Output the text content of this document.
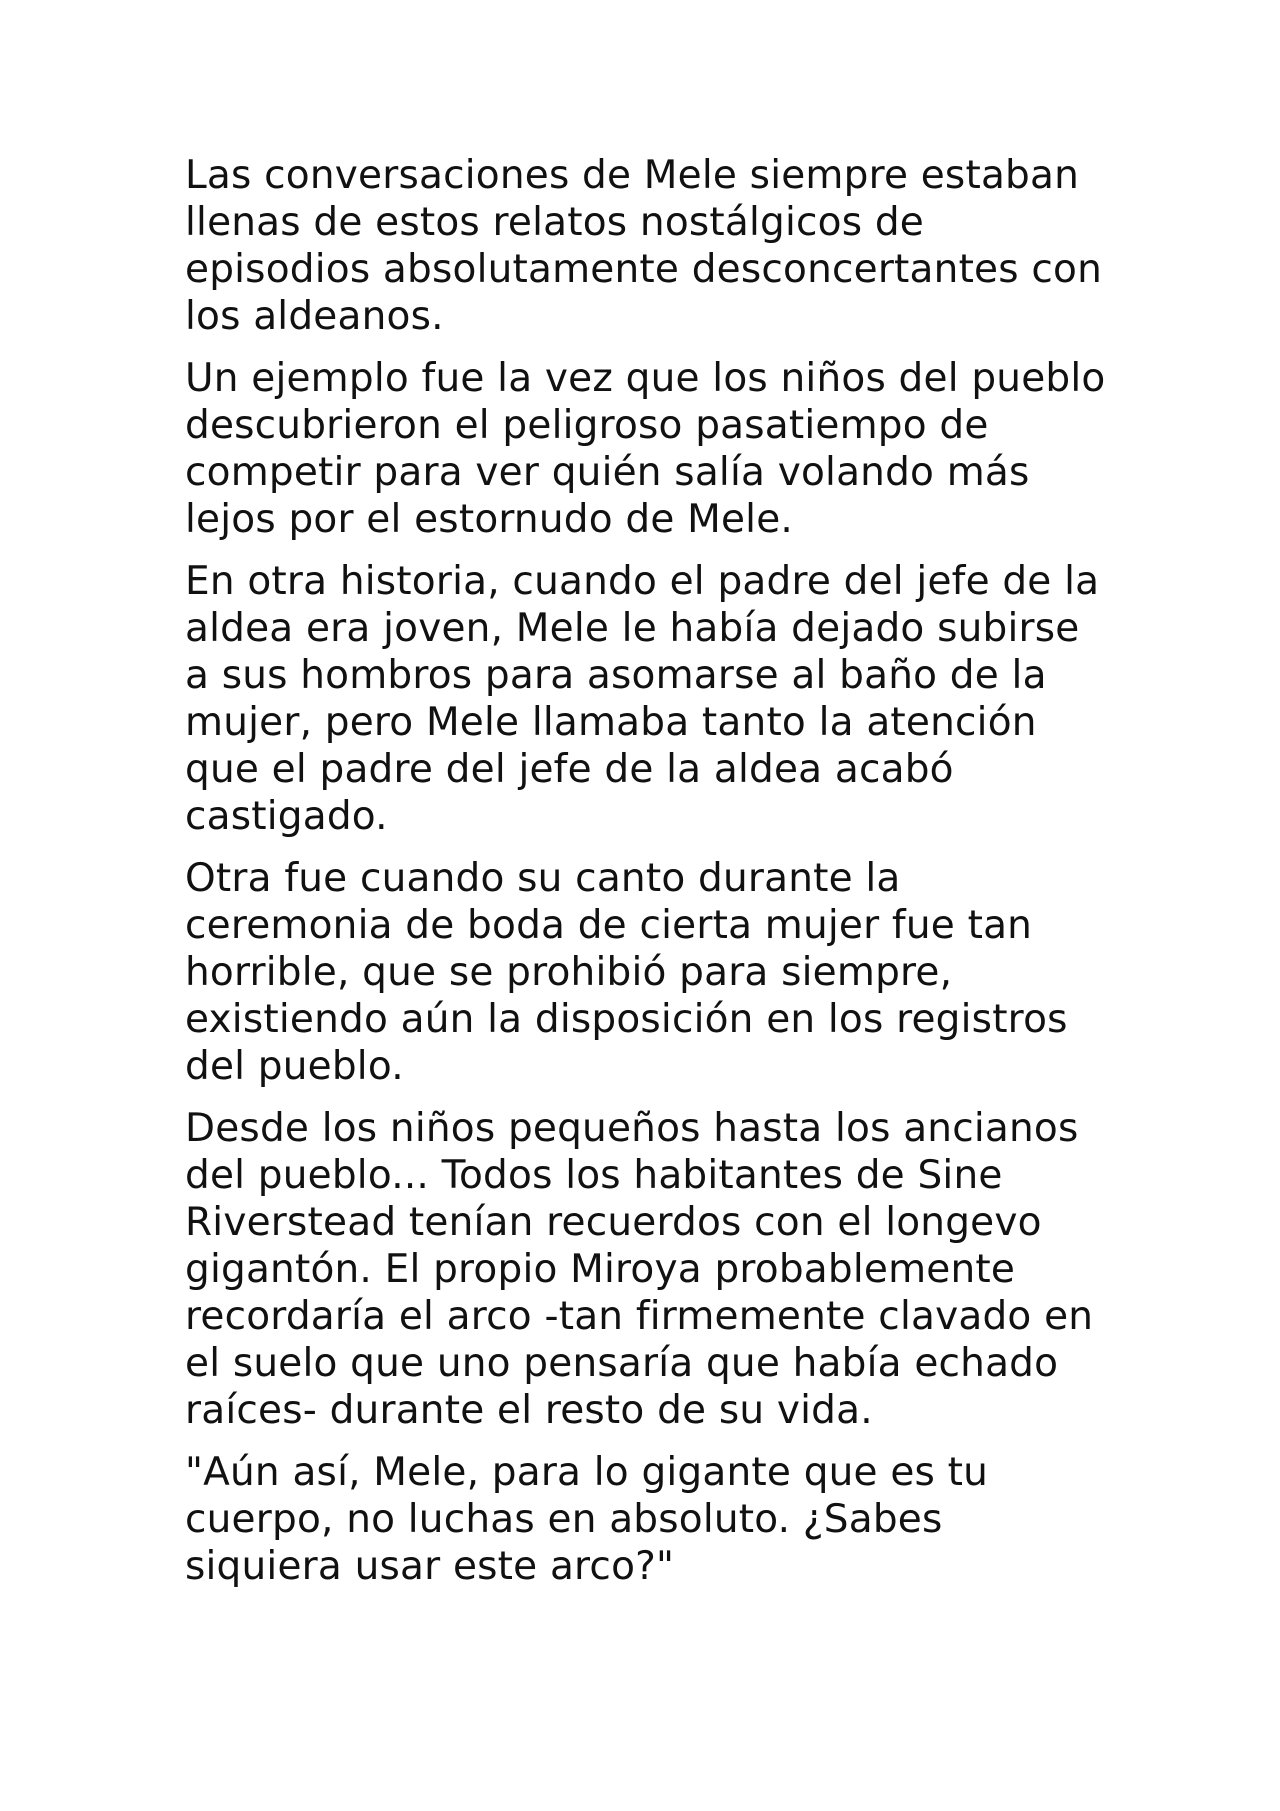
Las conversaciones de Mele siempre estaban
llenas de estos relatos nostálgicos de
episodios absolutamente desconcertantes con
los aldeanos.

Un ejemplo fue la vez que los niños del pueblo
descubrieron el peligroso pasatiempo de
competir para ver quién salía volando más
lejos por el estornudo de Mele.

En otra historia, cuando el padre del jefe de la
aldea era joven, Mele le había dejado subirse
a sus hombros para asomarse al baño de la
mujer, pero Mele llamaba tanto la atención
que el padre del jefe de la aldea acabó
castigado.

Otra fue cuando su canto durante la
ceremonia de boda de cierta mujer fue tan
horrible, que se prohibió para siempre,
existiendo aún la disposición en los registros
del pueblo.

Desde los niños pequeños hasta los ancianos
del pueblo... Todos los habitantes de Sine
Riverstead tenían recuerdos con el longevo
gigantón. El propio Miroya probablemente
recordaría el arco -tan firmemente clavado en
el suelo que uno pensaría que había echado
raíces- durante el resto de su vida.

"Aún así, Mele, para lo gigante que es tu
cuerpo, no luchas en absoluto. ¿Sabes
siquiera usar este arco?"
